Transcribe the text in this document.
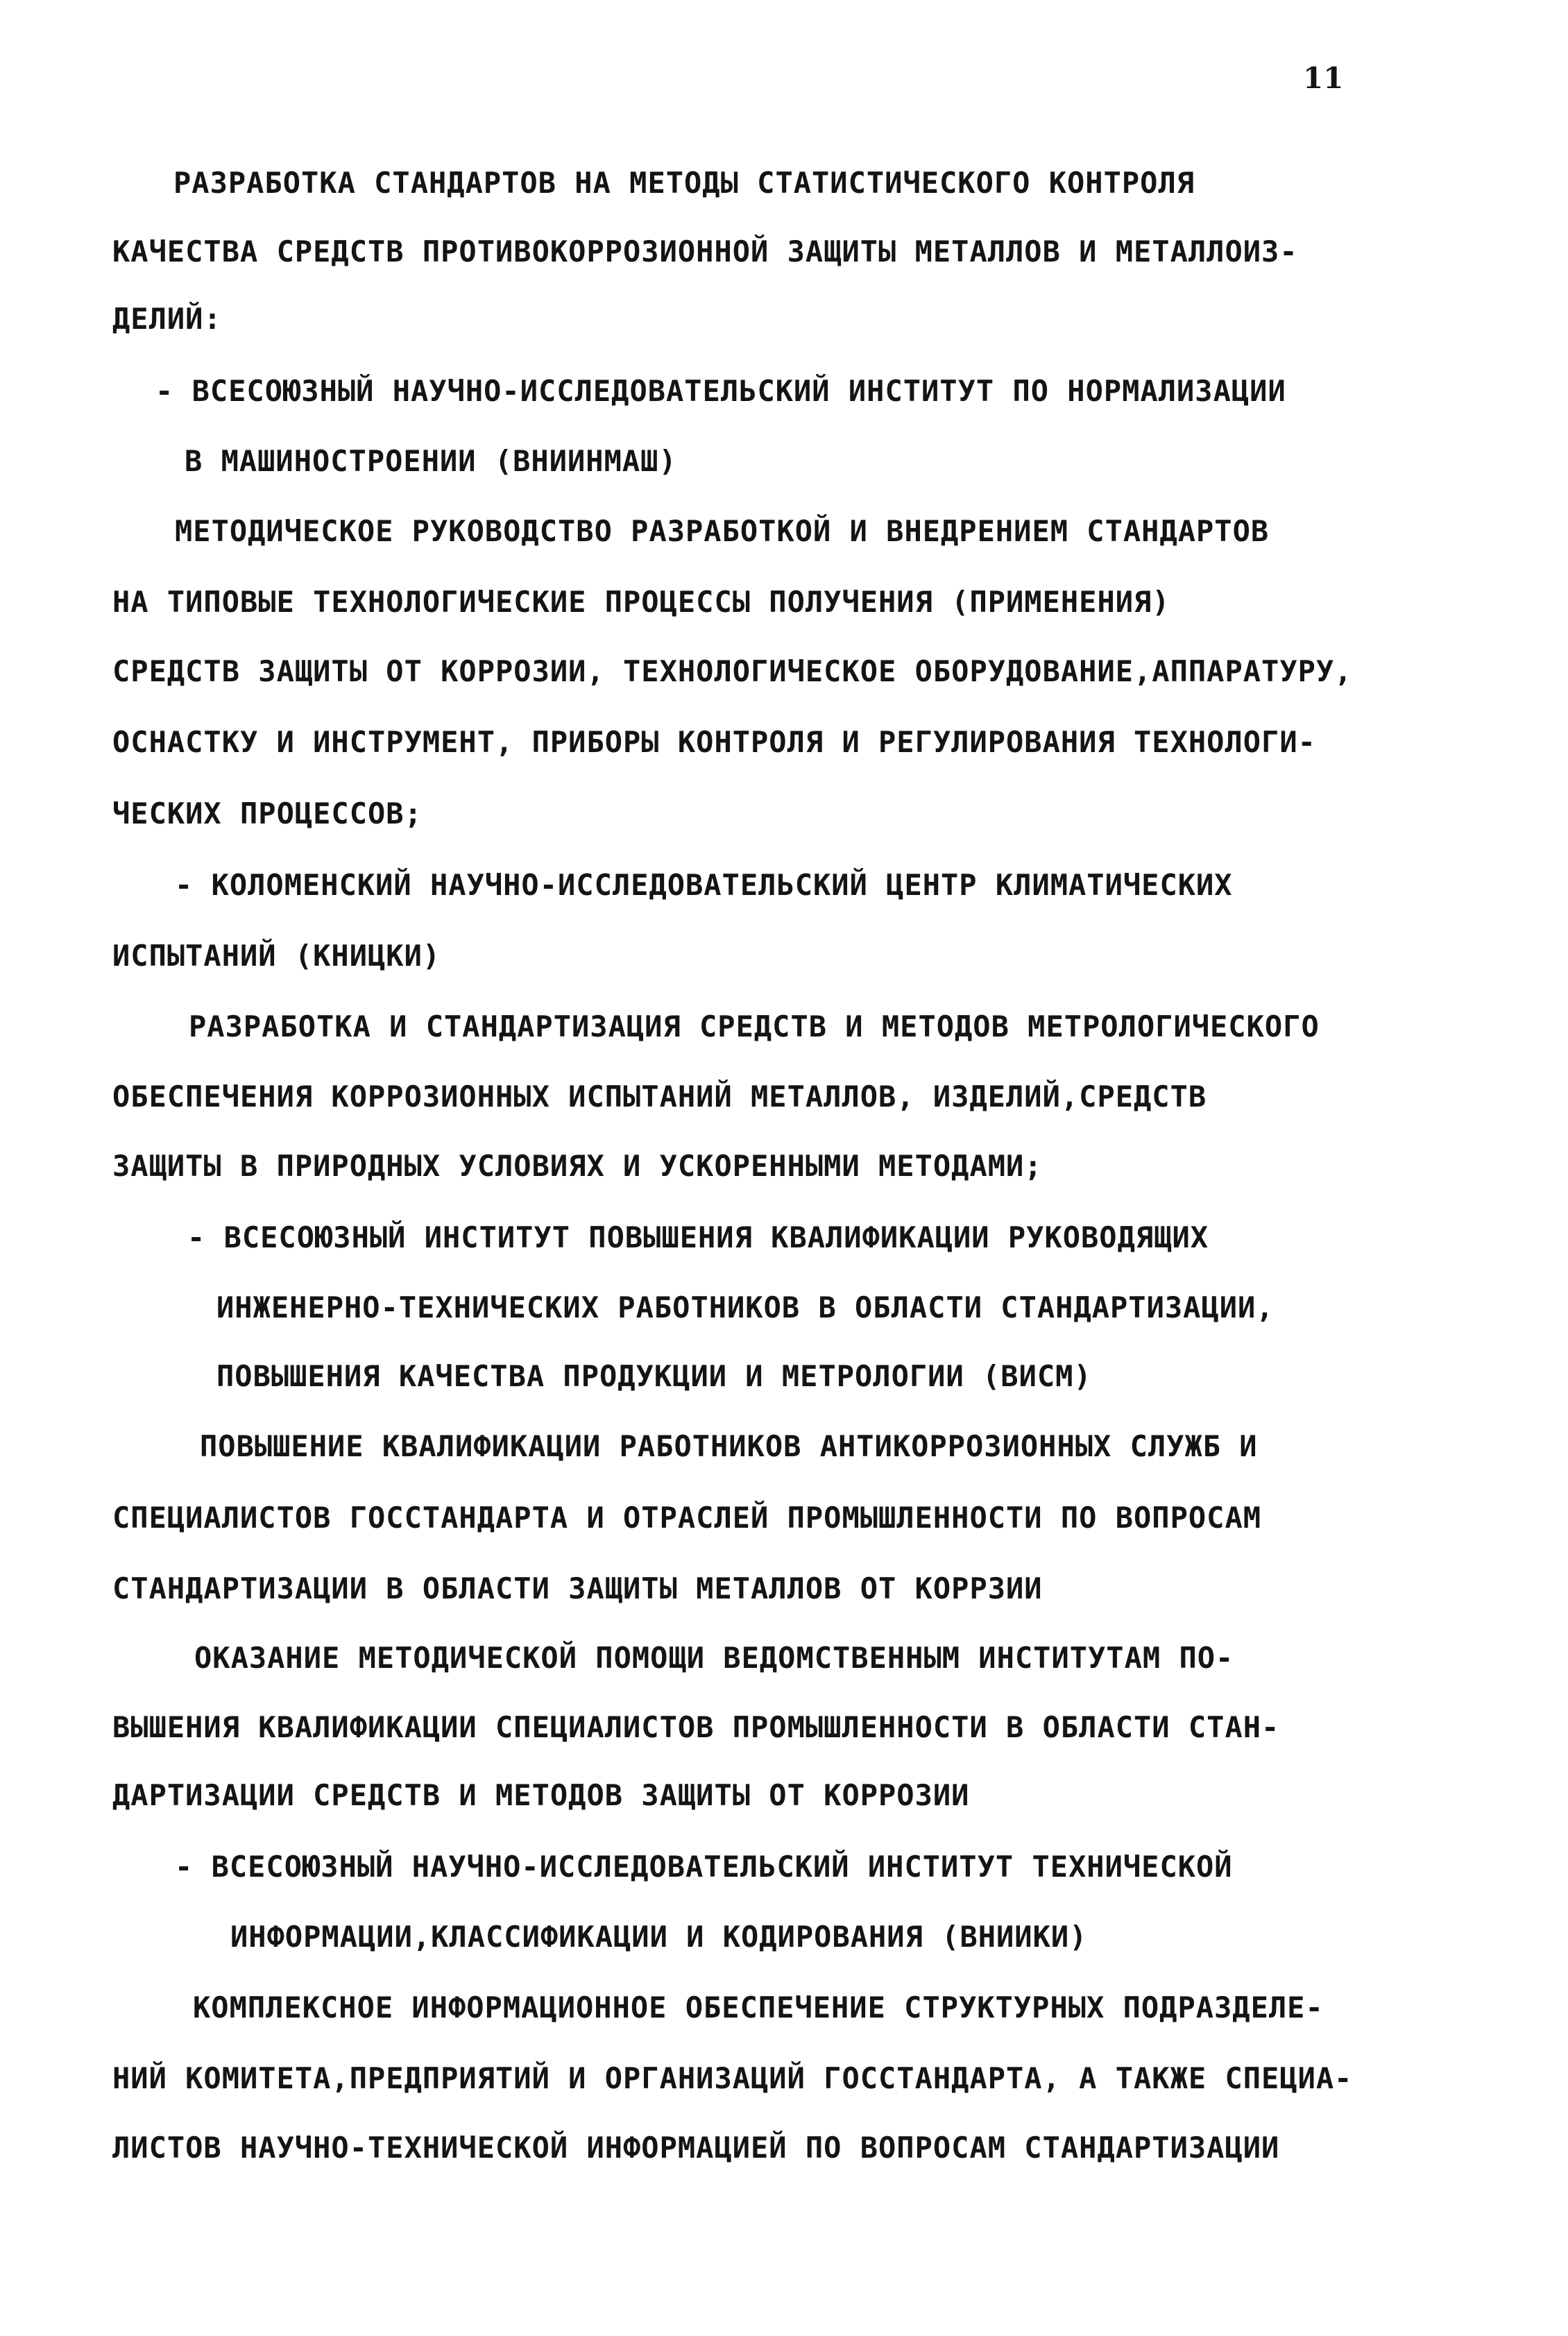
11
РАЗРАБОТКА СТАНДАРТОВ НА МЕТОДЫ СТАТИСТИЧЕСКОГО КОНТРОЛЯ
КАЧЕСТВА СРЕДСТВ ПРОТИВОКОРРОЗИОННОЙ ЗАЩИТЫ МЕТАЛЛОВ И МЕТАЛЛОИЗ-
ДЕЛИЙ:
- ВСЕСОЮЗНЫЙ НАУЧНО-ИССЛЕДОВАТЕЛЬСКИЙ ИНСТИТУТ ПО НОРМАЛИЗАЦИИ
В МАШИНОСТРОЕНИИ (ВНИИНМАШ)
МЕТОДИЧЕСКОЕ РУКОВОДСТВО РАЗРАБОТКОЙ И ВНЕДРЕНИЕМ СТАНДАРТОВ
НА ТИПОВЫЕ ТЕХНОЛОГИЧЕСКИЕ ПРОЦЕССЫ ПОЛУЧЕНИЯ (ПРИМЕНЕНИЯ)
СРЕДСТВ ЗАЩИТЫ ОТ КОРРОЗИИ, ТЕХНОЛОГИЧЕСКОЕ ОБОРУДОВАНИЕ,АППАРАТУРУ,
ОСНАСТКУ И ИНСТРУМЕНТ, ПРИБОРЫ КОНТРОЛЯ И РЕГУЛИРОВАНИЯ ТЕХНОЛОГИ-
ЧЕСКИХ ПРОЦЕССОВ;
- КОЛОМЕНСКИЙ НАУЧНО-ИССЛЕДОВАТЕЛЬСКИЙ ЦЕНТР КЛИМАТИЧЕСКИХ
ИСПЫТАНИЙ (КНИЦКИ)
РАЗРАБОТКА И СТАНДАРТИЗАЦИЯ СРЕДСТВ И МЕТОДОВ МЕТРОЛОГИЧЕСКОГО
ОБЕСПЕЧЕНИЯ КОРРОЗИОННЫХ ИСПЫТАНИЙ МЕТАЛЛОВ, ИЗДЕЛИЙ,СРЕДСТВ
ЗАЩИТЫ В ПРИРОДНЫХ УСЛОВИЯХ И УСКОРЕННЫМИ МЕТОДАМИ;
- ВСЕСОЮЗНЫЙ ИНСТИТУТ ПОВЫШЕНИЯ КВАЛИФИКАЦИИ РУКОВОДЯЩИХ
ИНЖЕНЕРНО-ТЕХНИЧЕСКИХ РАБОТНИКОВ В ОБЛАСТИ СТАНДАРТИЗАЦИИ,
ПОВЫШЕНИЯ КАЧЕСТВА ПРОДУКЦИИ И МЕТРОЛОГИИ (ВИСМ)
ПОВЫШЕНИЕ КВАЛИФИКАЦИИ РАБОТНИКОВ АНТИКОРРОЗИОННЫХ СЛУЖБ И
СПЕЦИАЛИСТОВ ГОССТАНДАРТА И ОТРАСЛЕЙ ПРОМЫШЛЕННОСТИ ПО ВОПРОСАМ
СТАНДАРТИЗАЦИИ В ОБЛАСТИ ЗАЩИТЫ МЕТАЛЛОВ ОТ КОРРЗИИ
ОКАЗАНИЕ МЕТОДИЧЕСКОЙ ПОМОЩИ ВЕДОМСТВЕННЫМ ИНСТИТУТАМ ПО-
ВЫШЕНИЯ КВАЛИФИКАЦИИ СПЕЦИАЛИСТОВ ПРОМЫШЛЕННОСТИ В ОБЛАСТИ СТАН-
ДАРТИЗАЦИИ СРЕДСТВ И МЕТОДОВ ЗАЩИТЫ ОТ КОРРОЗИИ
- ВСЕСОЮЗНЫЙ НАУЧНО-ИССЛЕДОВАТЕЛЬСКИЙ ИНСТИТУТ ТЕХНИЧЕСКОЙ
ИНФОРМАЦИИ,КЛАССИФИКАЦИИ И КОДИРОВАНИЯ (ВНИИКИ)
КОМПЛЕКСНОЕ ИНФОРМАЦИОННОЕ ОБЕСПЕЧЕНИЕ СТРУКТУРНЫХ ПОДРАЗДЕЛЕ-
НИЙ КОМИТЕТА,ПРЕДПРИЯТИЙ И ОРГАНИЗАЦИЙ ГОССТАНДАРТА, А ТАКЖЕ СПЕЦИА-
ЛИСТОВ НАУЧНО-ТЕХНИЧЕСКОЙ ИНФОРМАЦИЕЙ ПО ВОПРОСАМ СТАНДАРТИЗАЦИИ
